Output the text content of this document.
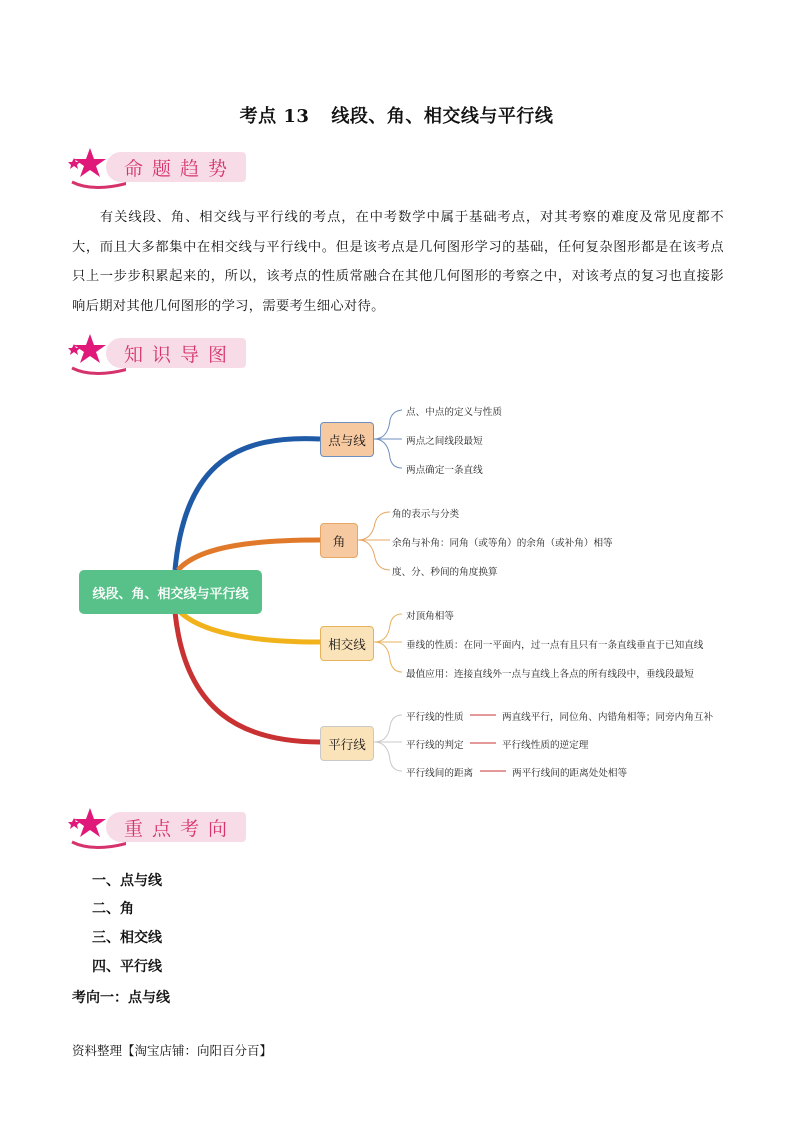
考点 13 线段、角、相交线与平行线
命题趋势
有关线段、角、相交线与平行线的考点，在中考数学中属于基础考点，对其考察的难度及常见度都不大，而且大多都集中在相交线与平行线中。但是该考点是几何图形学习的基础，任何复杂图形都是在该考点只上一步步积累起来的，所以，该考点的性质常融合在其他几何图形的考察之中，对该考点的复习也直接影响后期对其他几何图形的学习，需要考生细心对待。
知识导图
线段、角、相交线与平行线
点与线
角
相交线
平行线
点、中点的定义与性质
两点之间线段最短
两点确定一条直线
角的表示与分类
余角与补角：同角（或等角）的余角（或补角）相等
度、分、秒间的角度换算
对顶角相等
垂线的性质：在同一平面内，过一点有且只有一条直线垂直于已知直线
最值应用：连接直线外一点与直线上各点的所有线段中，垂线段最短
平行线的性质
平行线的判定
平行线间的距离
两直线平行，同位角、内错角相等；同旁内角互补
平行线性质的逆定理
两平行线间的距离处处相等
重点考向
一、点与线
二、角
三、相交线
四、平行线
考向一：点与线
资料整理【淘宝店铺：向阳百分百】
